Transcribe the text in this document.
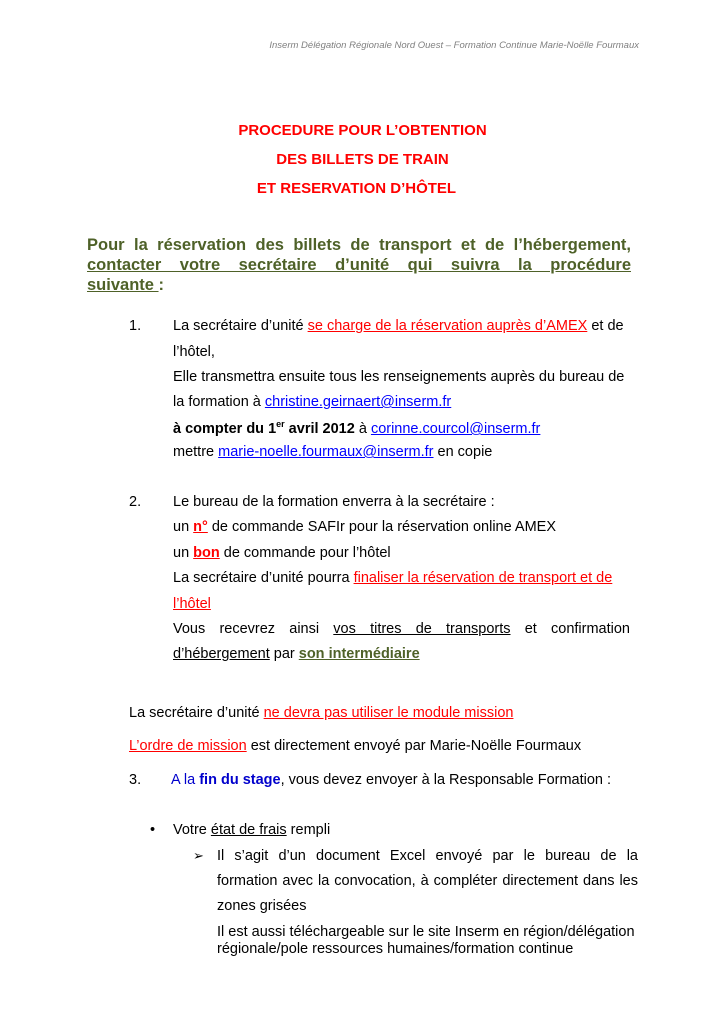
Inserm Délégation Régionale Nord Ouest – Formation Continue Marie-Noëlle Fourmaux
PROCEDURE POUR L’OBTENTION
DES BILLETS DE TRAIN
ET RESERVATION D’HÔTEL
Pour la réservation des billets de transport et de l’hébergement,
contacter votre secrétaire d’unité qui suivra la procédure
suivante :
1. La secrétaire d’unité se charge de la réservation auprès d’AMEX et de
l’hôtel,
Elle transmettra ensuite tous les renseignements auprès du bureau de
la formation à christine.geirnaert@inserm.fr
à compter du 1er avril 2012 à corinne.courcol@inserm.fr
mettre marie-noelle.fourmaux@inserm.fr en copie
2. Le bureau de la formation enverra à la secrétaire :
un n° de commande SAFIr pour la réservation online AMEX
un bon de commande pour l’hôtel
La secrétaire d’unité pourra finaliser la réservation de transport et de
l’hôtel
Vous recevrez ainsi vos titres de transports et confirmation
d’hébergement par son intermédiaire
La secrétaire d’unité ne devra pas utiliser le module mission
L’ordre de mission est directement envoyé par Marie-Noëlle Fourmaux
3. A la fin du stage, vous devez envoyer à la Responsable Formation :
• Votre état de frais rempli
➢ Il s’agit d’un document Excel envoyé par le bureau de la
formation avec la convocation, à compléter directement dans les
zones grisées
Il est aussi téléchargeable sur le site Inserm en région/délégation
régionale/pole ressources humaines/formation continue
